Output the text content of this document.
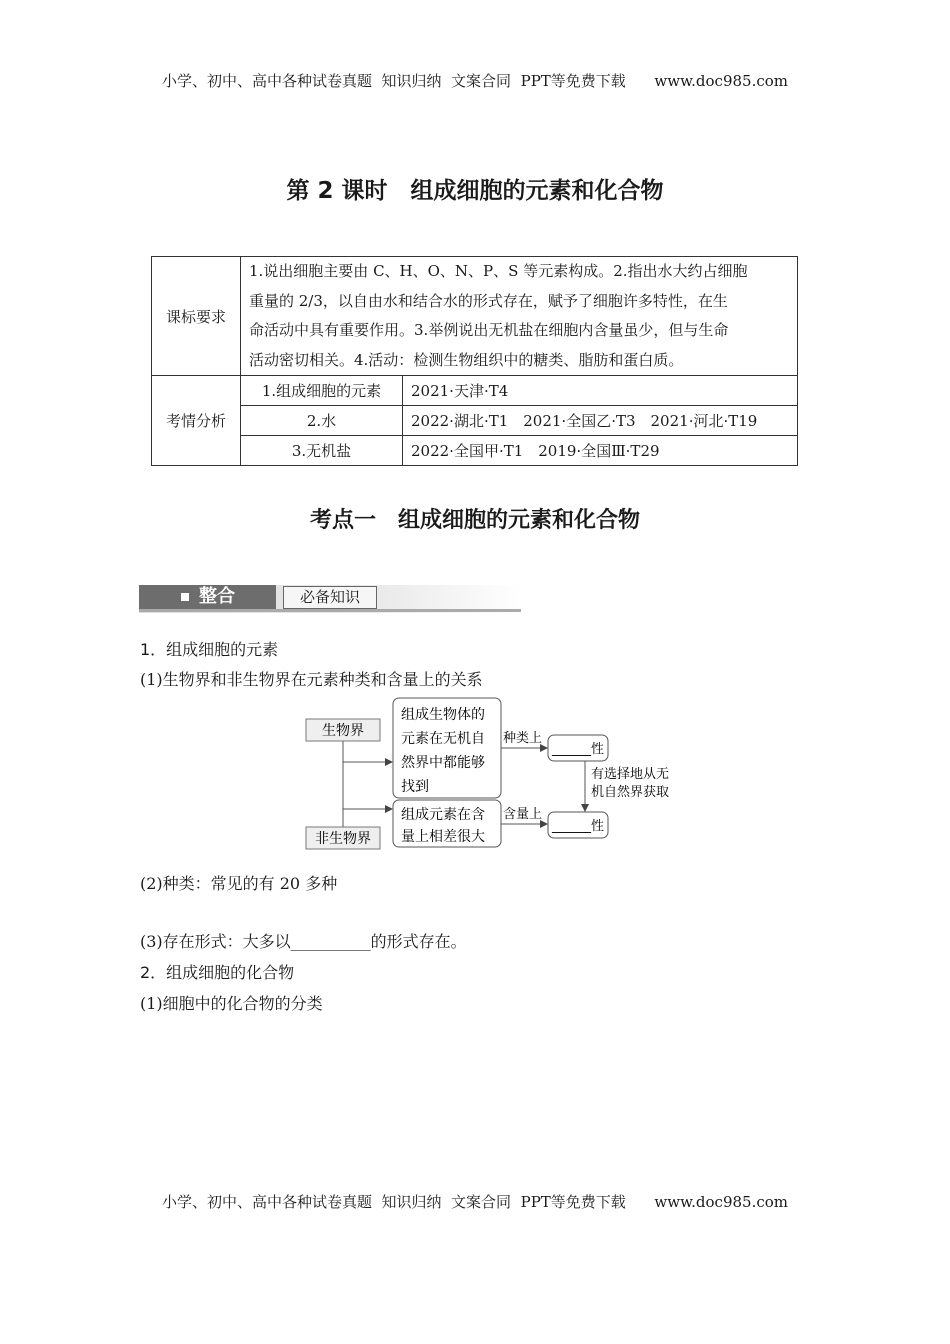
小学、初中、高中各种试卷真题  知识归纳  文案合同  PPT等免费下载 www.doc985.com
第 2 课时　组成细胞的元素和化合物
课标要求	1.说出细胞主要由 C、H、O、N、P、S 等元素构成。2.指出水大约占细胞
重量的 2/3，以自由水和结合水的形式存在，赋予了细胞许多特性，在生
命活动中具有重要作用。3.举例说出无机盐在细胞内含量虽少，但与生命
活动密切相关。4.活动：检测生物组织中的糖类、脂肪和蛋白质。	

考情分析	1.组成细胞的元素	2021·天津·T4
	2.水	2022·湖北·T1　2021·全国乙·T3　2021·河北·T19
	3.无机盐	2022·全国甲·T1　2019·全国Ⅲ·T29
考点一　组成细胞的元素和化合物
整合	必备知识
1．组成细胞的元素
(1)生物界和非生物界在元素种类和含量上的关系
生物界
非生物界
组成生物体的
元素在无机自
然界中都能够
找到
组成元素在含
量上相差很大
种类上
含量上
______性
______性
有选择地从无
机自然界获取
(2)种类：常见的有 20 多种
(3)存在形式：大多以__________的形式存在。
2．组成细胞的化合物
(1)细胞中的化合物的分类
小学、初中、高中各种试卷真题  知识归纳  文案合同  PPT等免费下载 www.doc985.com
